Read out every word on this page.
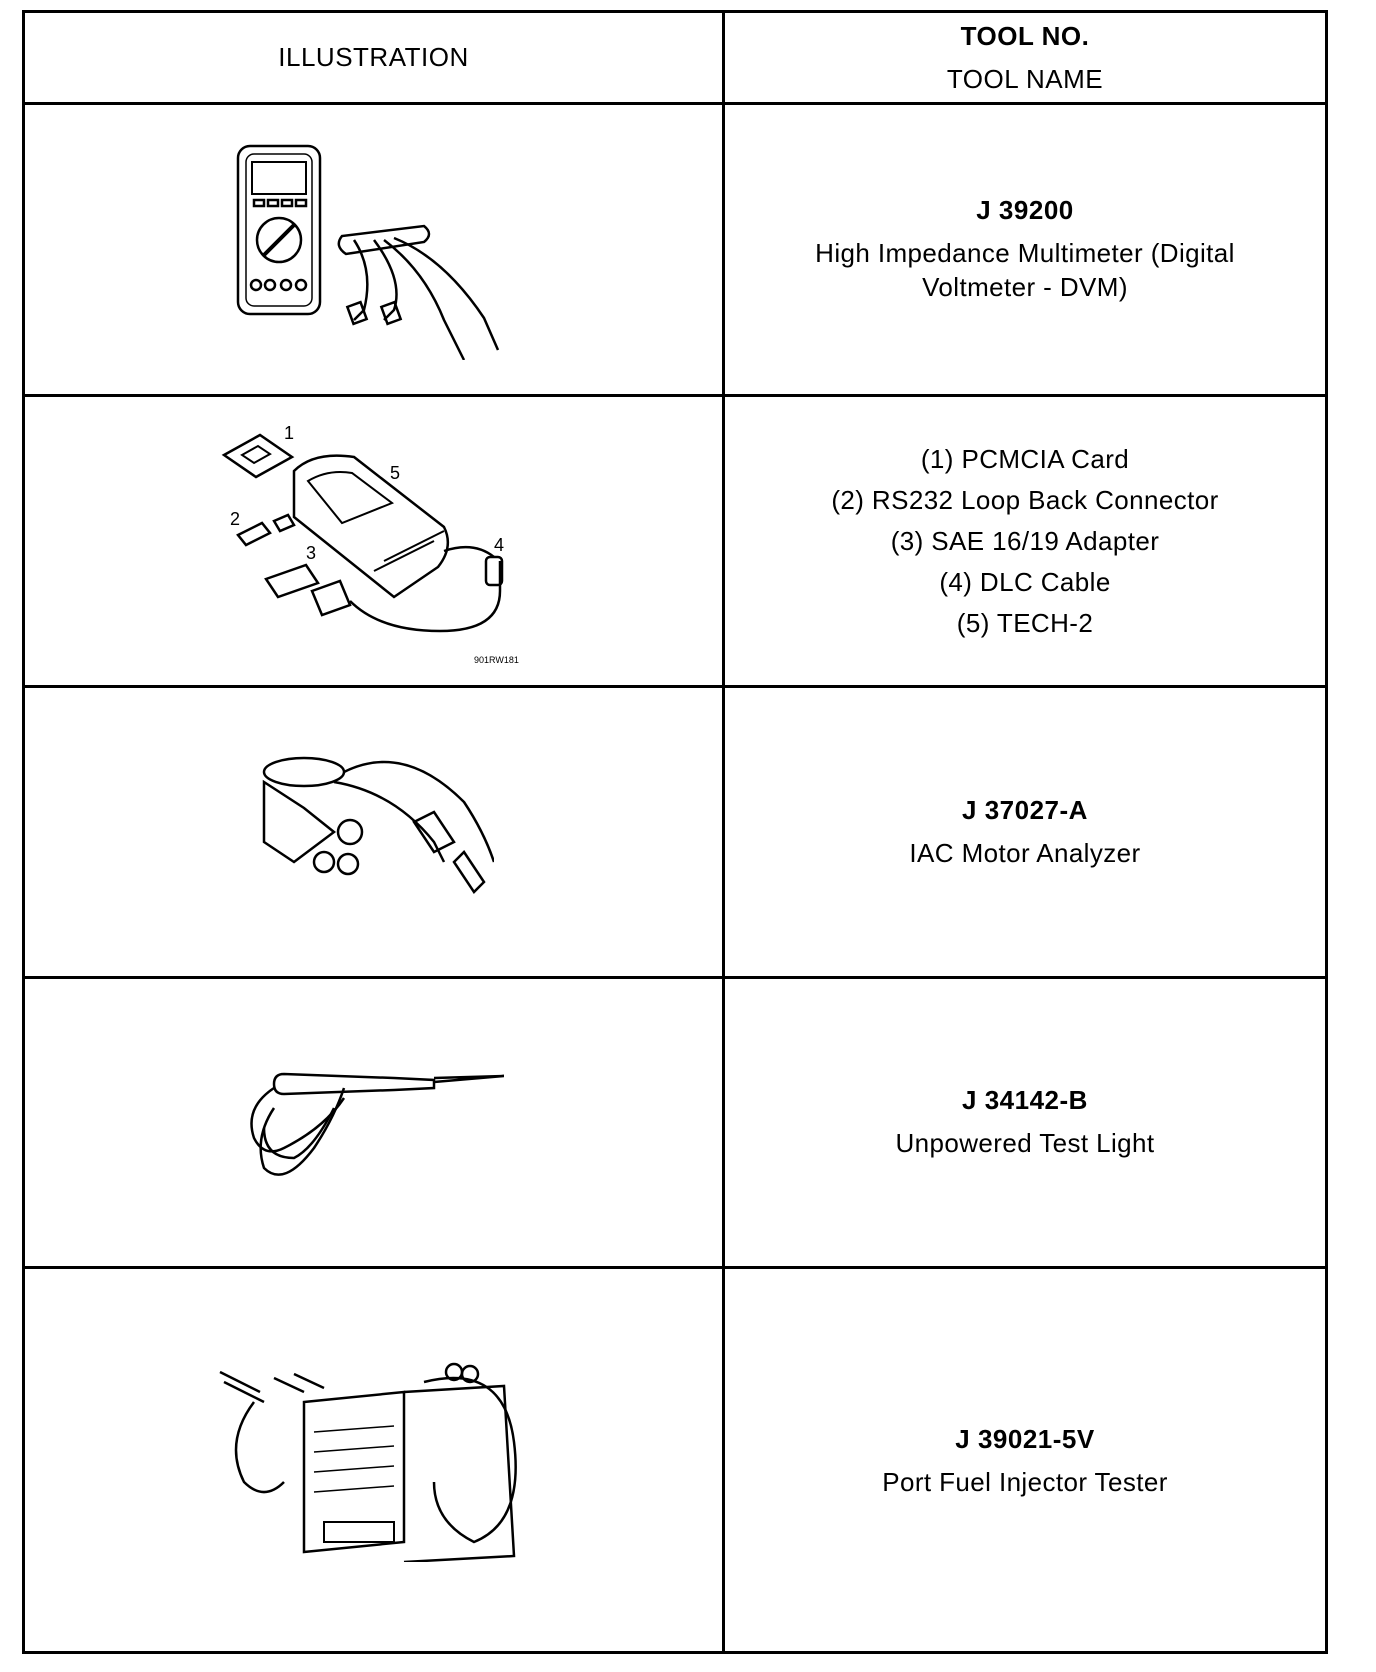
ILLUSTRATION
TOOL NO.
TOOL NAME
J 39200
High Impedance Multimeter (Digital Voltmeter - DVM)
1
2
3	4
5
901RW181
(1) PCMCIA Card
(2) RS232 Loop Back Connector
(3) SAE 16/19 Adapter
(4) DLC Cable
(5) TECH-2
J 37027-A
IAC Motor Analyzer
J 34142-B
Unpowered Test Light
J 39021-5V
Port Fuel Injector Tester
